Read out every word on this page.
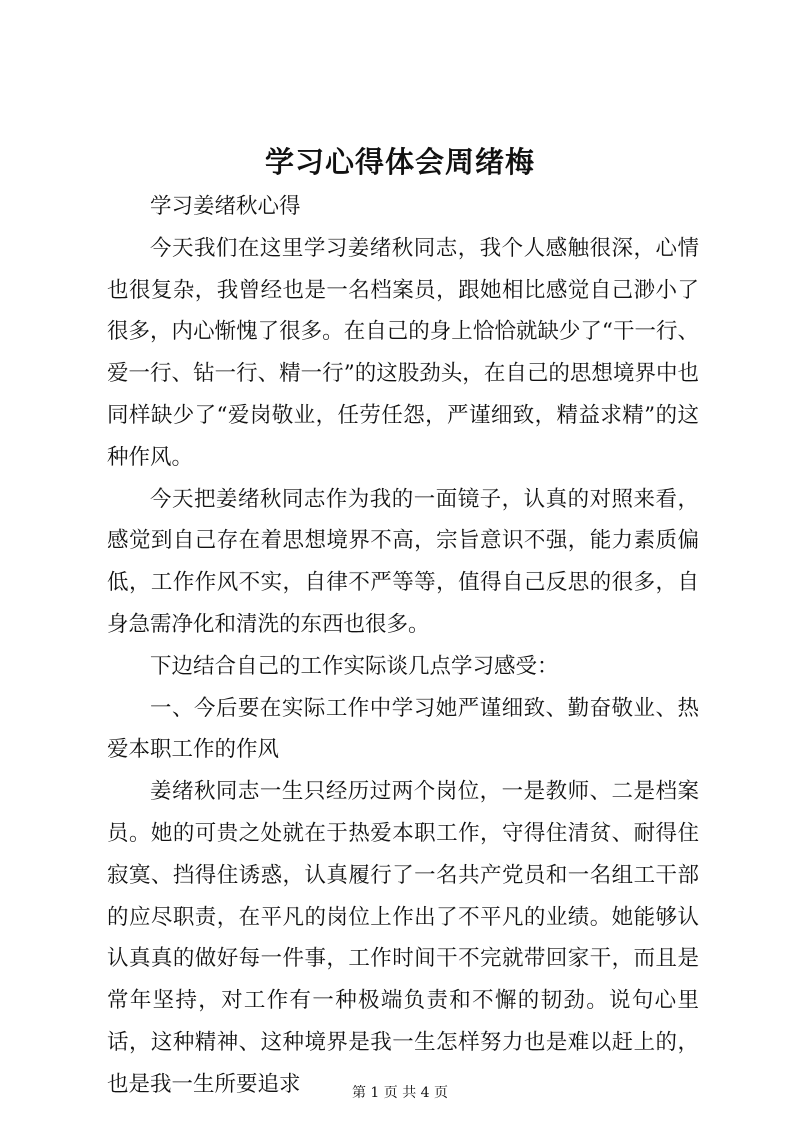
学习心得体会周绪梅

学习姜绪秋心得

今天我们在这里学习姜绪秋同志，我个人感触很深，心情也很复杂，我曾经也是一名档案员，跟她相比感觉自己渺小了很多，内心惭愧了很多。在自己的身上恰恰就缺少了“干一行、爱一行、钻一行、精一行”的这股劲头，在自己的思想境界中也同样缺少了“爱岗敬业，任劳任怨，严谨细致，精益求精”的这种作风。

今天把姜绪秋同志作为我的一面镜子，认真的对照来看，感觉到自己存在着思想境界不高，宗旨意识不强，能力素质偏低，工作作风不实，自律不严等等，值得自己反思的很多，自身急需净化和清洗的东西也很多。

下边结合自己的工作实际谈几点学习感受：

一、今后要在实际工作中学习她严谨细致、勤奋敬业、热爱本职工作的作风

姜绪秋同志一生只经历过两个岗位，一是教师、二是档案员。她的可贵之处就在于热爱本职工作，守得住清贫、耐得住寂寞、挡得住诱惑，认真履行了一名共产党员和一名组工干部的应尽职责，在平凡的岗位上作出了不平凡的业绩。她能够认认真真的做好每一件事，工作时间干不完就带回家干，而且是常年坚持，对工作有一种极端负责和不懈的韧劲。说句心里话，这种精神、这种境界是我一生怎样努力也是难以赶上的，也是我一生所要追求	第 1 页 共 4 页
